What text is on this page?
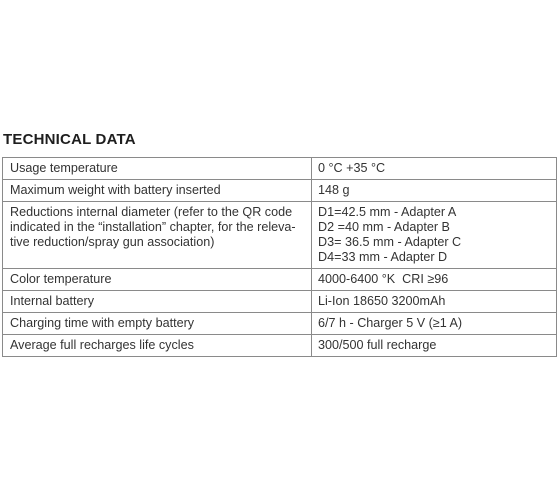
TECHNICAL DATA
Usage temperature	0 °C +35 °C
Maximum weight with battery inserted	148 g

Reductions internal diameter (refer to the QR code
indicated in the “installation” chapter, for the releva-
tive reduction/spray gun association)	D1=42.5 mm - Adapter A
D2 =40 mm - Adapter B
D3= 36.5 mm - Adapter C
D4=33 mm - Adapter D

Color temperature	4000-6400 °K  CRI ≥96
Internal battery	Li-Ion 18650 3200mAh
Charging time with empty battery	6/7 h - Charger 5 V (≥1 A)
Average full recharges life cycles	300/500 full recharge
